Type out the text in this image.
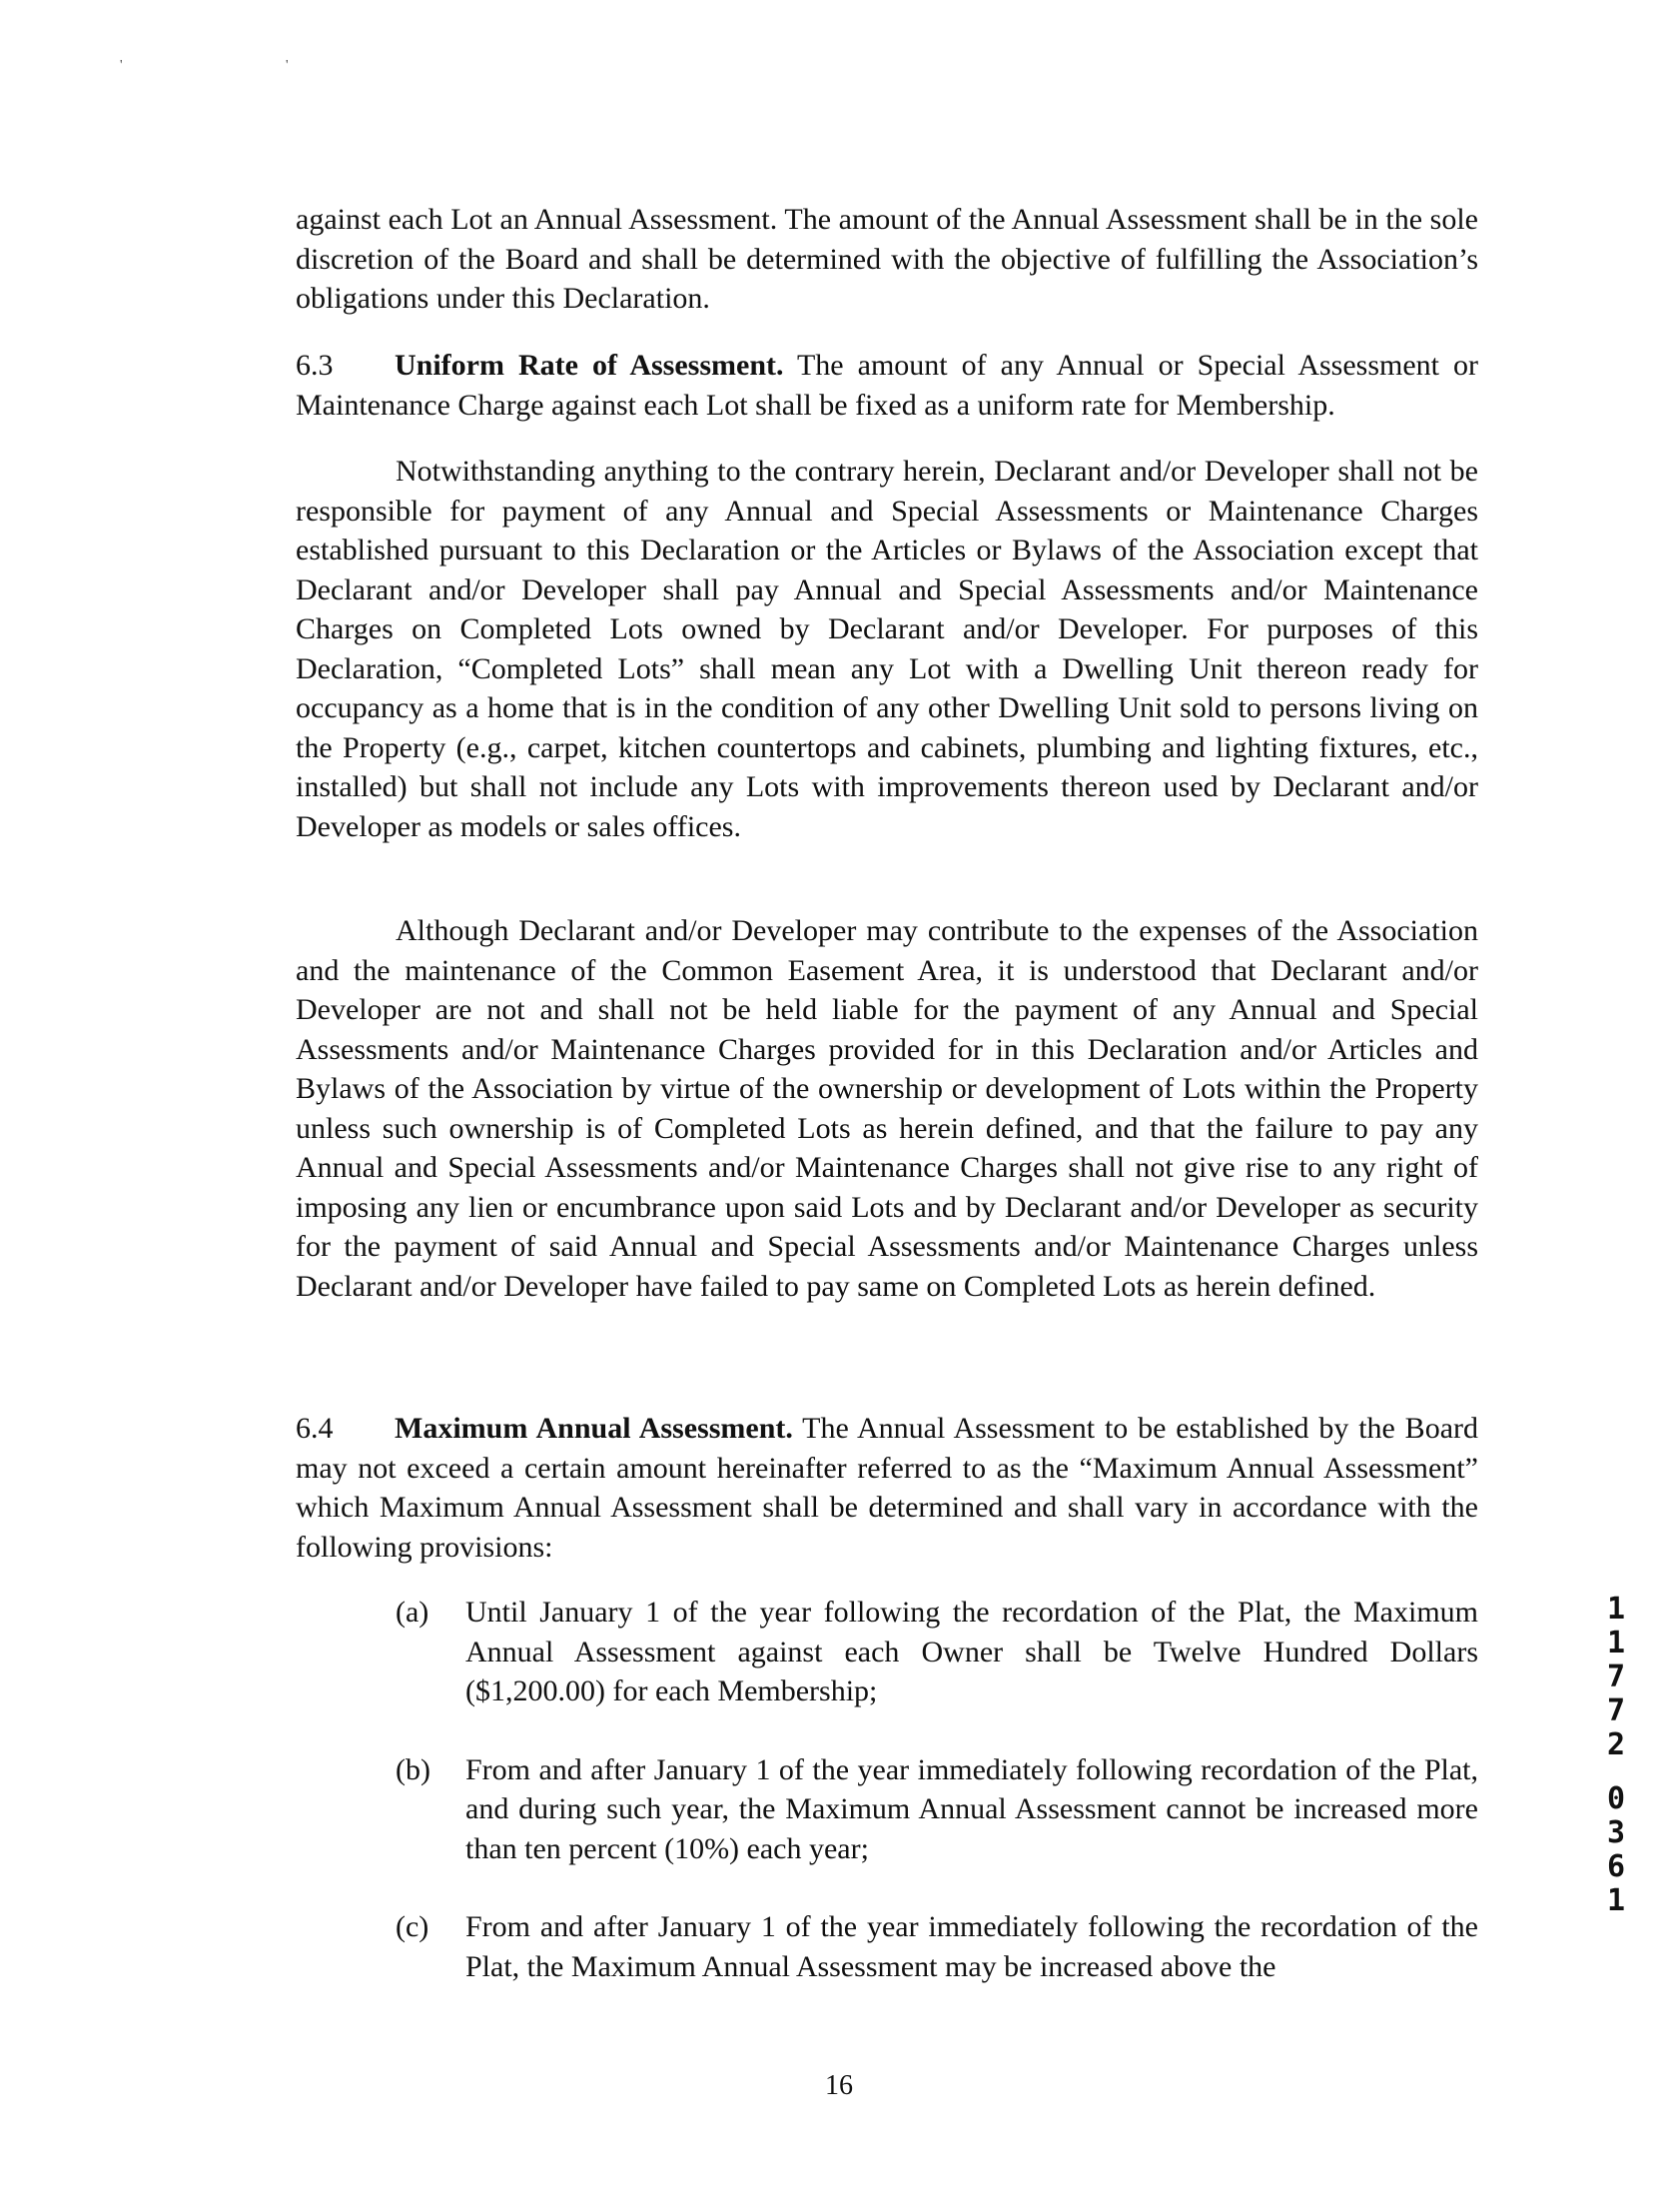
' '

against each Lot an Annual Assessment. The amount of the Annual Assessment shall be in the sole discretion of the Board and shall be determined with the objective of fulfilling the Association’s obligations under this Declaration.

6.3 Uniform Rate of Assessment. The amount of any Annual or Special Assessment or Maintenance Charge against each Lot shall be fixed as a uniform rate for Membership.

Notwithstanding anything to the contrary herein, Declarant and/or Developer shall not be responsible for payment of any Annual and Special Assessments or Maintenance Charges established pursuant to this Declaration or the Articles or Bylaws of the Association except that Declarant and/or Developer shall pay Annual and Special Assessments and/or Maintenance Charges on Completed Lots owned by Declarant and/or Developer. For purposes of this Declaration, “Completed Lots” shall mean any Lot with a Dwelling Unit thereon ready for occupancy as a home that is in the condition of any other Dwelling Unit sold to persons living on the Property (e.g., carpet, kitchen countertops and cabinets, plumbing and lighting fixtures, etc., installed) but shall not include any Lots with improvements thereon used by Declarant and/or Developer as models or sales offices.

Although Declarant and/or Developer may contribute to the expenses of the Association and the maintenance of the Common Easement Area, it is understood that Declarant and/or Developer are not and shall not be held liable for the payment of any Annual and Special Assessments and/or Maintenance Charges provided for in this Declaration and/or Articles and Bylaws of the Association by virtue of the ownership or development of Lots within the Property unless such ownership is of Completed Lots as herein defined, and that the failure to pay any Annual and Special Assessments and/or Maintenance Charges shall not give rise to any right of imposing any lien or encumbrance upon said Lots and by Declarant and/or Developer as security for the payment of said Annual and Special Assessments and/or Maintenance Charges unless Declarant and/or Developer have failed to pay same on Completed Lots as herein defined.

6.4 Maximum Annual Assessment. The Annual Assessment to be established by the Board may not exceed a certain amount hereinafter referred to as the “Maximum Annual Assessment” which Maximum Annual Assessment shall be determined and shall vary in accordance with the following provisions:

(a)	Until January 1 of the year following the recordation of the Plat, the Maximum Annual Assessment against each Owner shall be Twelve Hundred Dollars ($1,200.00) for each Membership;
(b)	From and after January 1 of the year immediately following recordation of the Plat, and during such year, the Maximum Annual Assessment cannot be increased more than ten percent (10%) each year;
(c)	From and after January 1 of the year immediately following the recordation of the Plat, the Maximum Annual Assessment may be increased above the
1
1
7
7
2
0
3
6
1
16
